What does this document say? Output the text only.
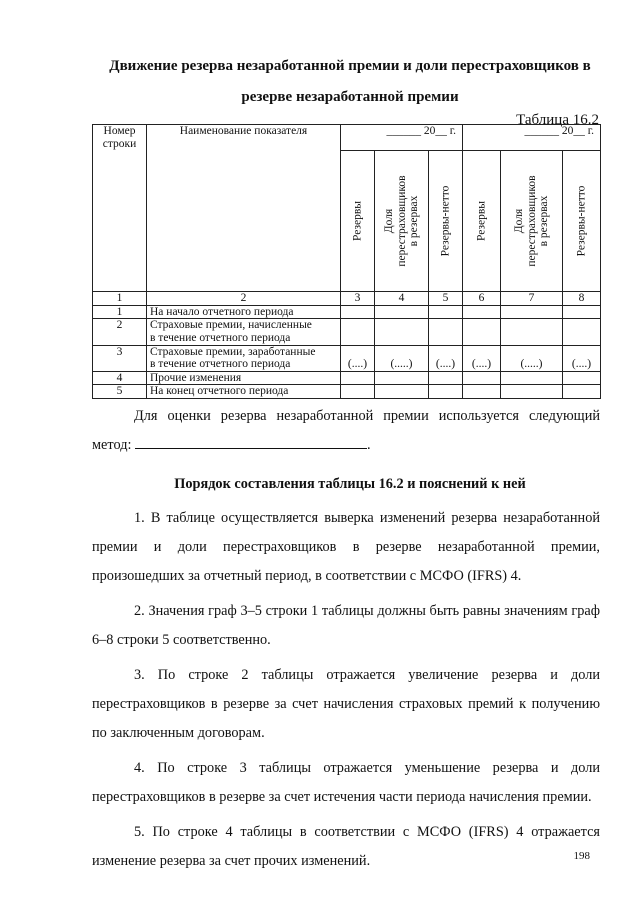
Движение резерва незаработанной премии и доли перестраховщиков в
резерве незаработанной премии
Таблица 16.2
Номер строки	Наименование показателя	______ 20__ г.			______ 20__ г.		

		Резервы	Доля перестраховщиков в резервах	Резервы-нетто	Резервы	Доля перестраховщиков в резервах	Резервы-нетто

1	2	3	4	5	6	7	8
1	На начало отчетного периода						
2	Страховые премии, начисленные
в течение отчетного периода						

3	Страховые премии, заработанные
в течение отчетного периода	(....)	(.....)	(....)	(....)	(.....)	(....)
4	Прочие изменения						
5	На конец отчетного периода						

Для оценки резерва незаработанной премии используется следующий метод:	.

Порядок составления таблицы 16.2 и пояснений к ней

1. В таблице осуществляется выверка изменений резерва незаработанной премии и доли перестраховщиков в резерве незаработанной премии, произошедших за отчетный период, в соответствии с МСФО (IFRS) 4.

2. Значения граф 3–5 строки 1 таблицы должны быть равны значениям граф 6–8 строки 5 соответственно.

3. По строке 2 таблицы отражается увеличение резерва и доли перестраховщиков в резерве за счет начисления страховых премий к получению по заключенным договорам.

4. По строке 3 таблицы отражается уменьшение резерва и доли перестраховщиков в резерве за счет истечения части периода начисления премии.

5. По строке 4 таблицы в соответствии с МСФО (IFRS) 4 отражается изменение резерва за счет прочих изменений.	198
